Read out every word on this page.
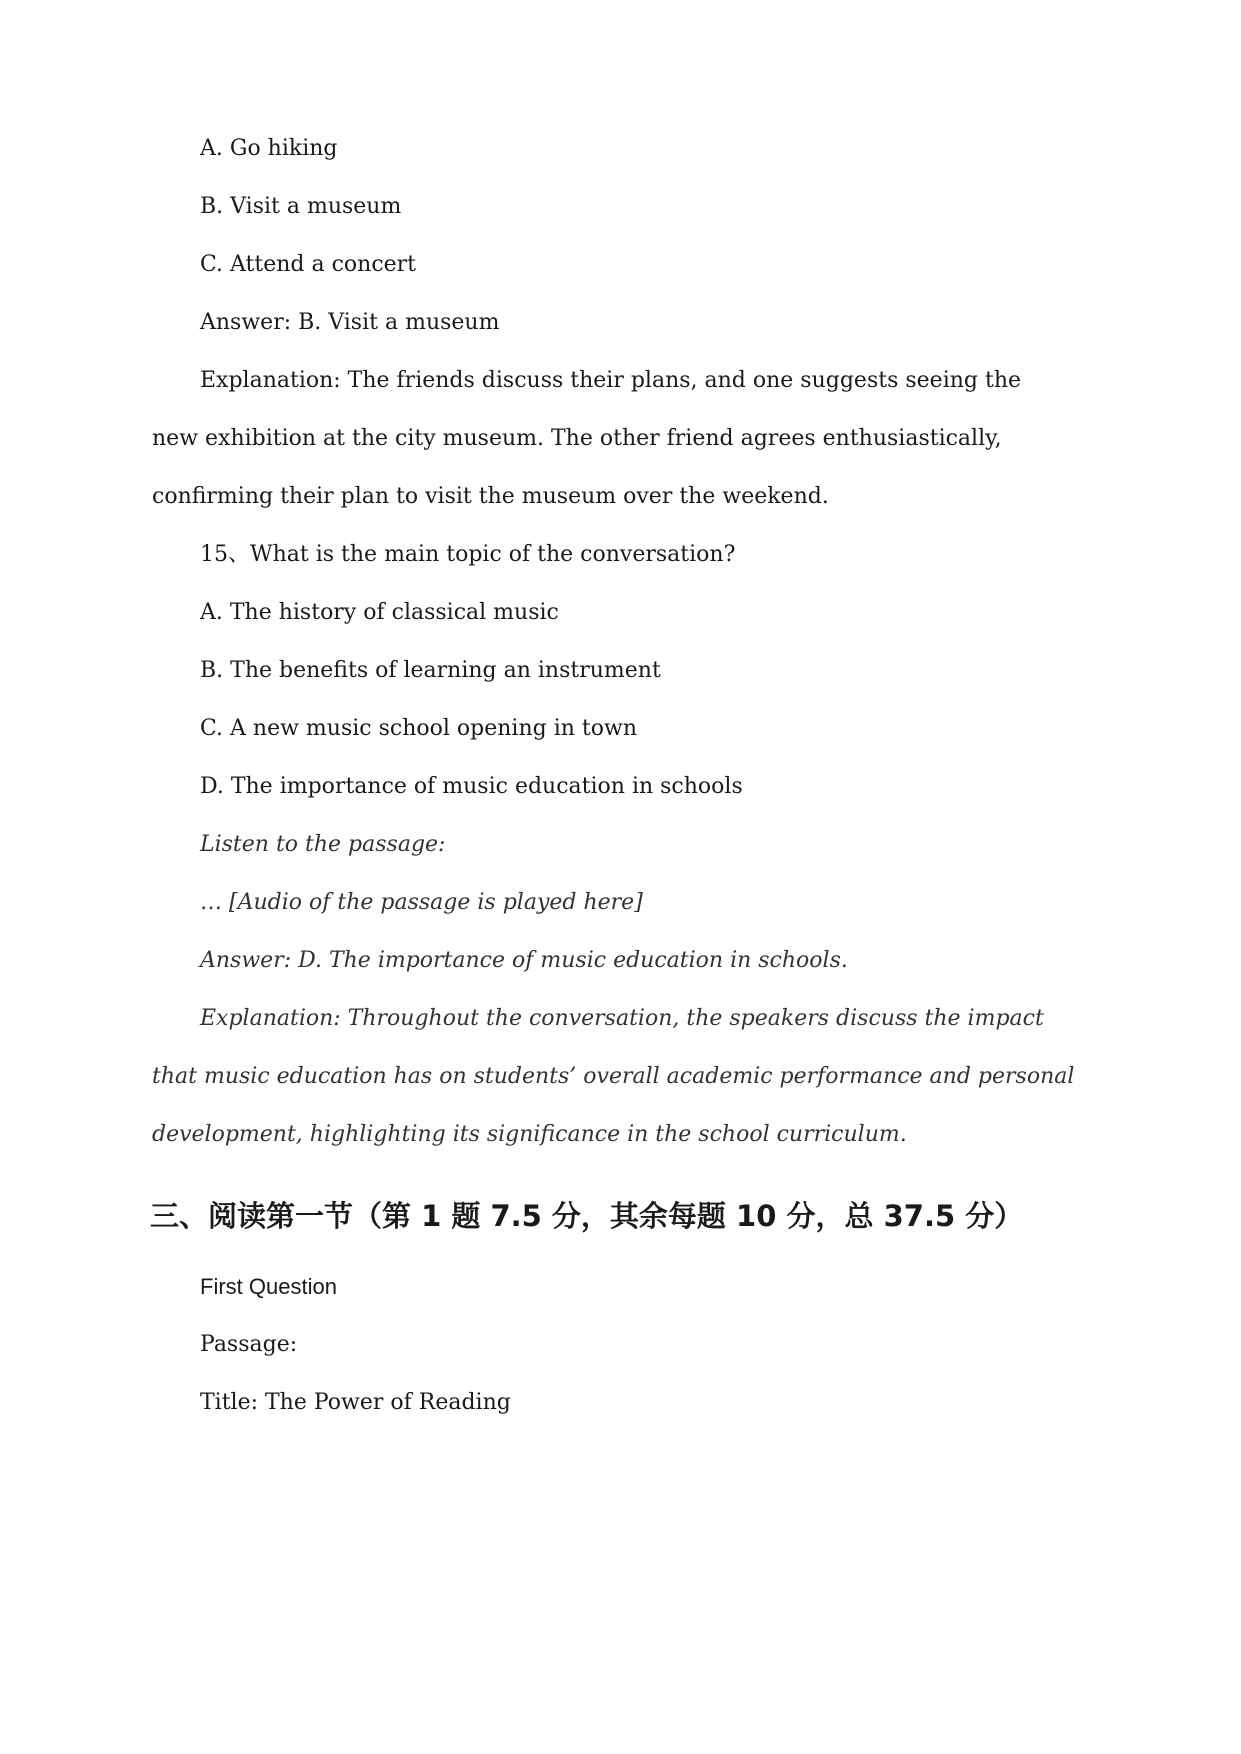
A. Go hiking
B. Visit a museum
C. Attend a concert
Answer: B. Visit a museum
Explanation: The friends discuss their plans, and one suggests seeing the
new exhibition at the city museum. The other friend agrees enthusiastically,
confirming their plan to visit the museum over the weekend.
15、What is the main topic of the conversation?
A. The history of classical music
B. The benefits of learning an instrument
C. A new music school opening in town
D. The importance of music education in schools
Listen to the passage:
… [Audio of the passage is played here]
Answer: D. The importance of music education in schools.
Explanation: Throughout the conversation, the speakers discuss the impact
that music education has on students’ overall academic performance and personal
development, highlighting its significance in the school curriculum.
三、阅读第一节（第 1 题 7.5 分，其余每题 10 分，总 37.5 分）
First Question
Passage:
Title: The Power of Reading
